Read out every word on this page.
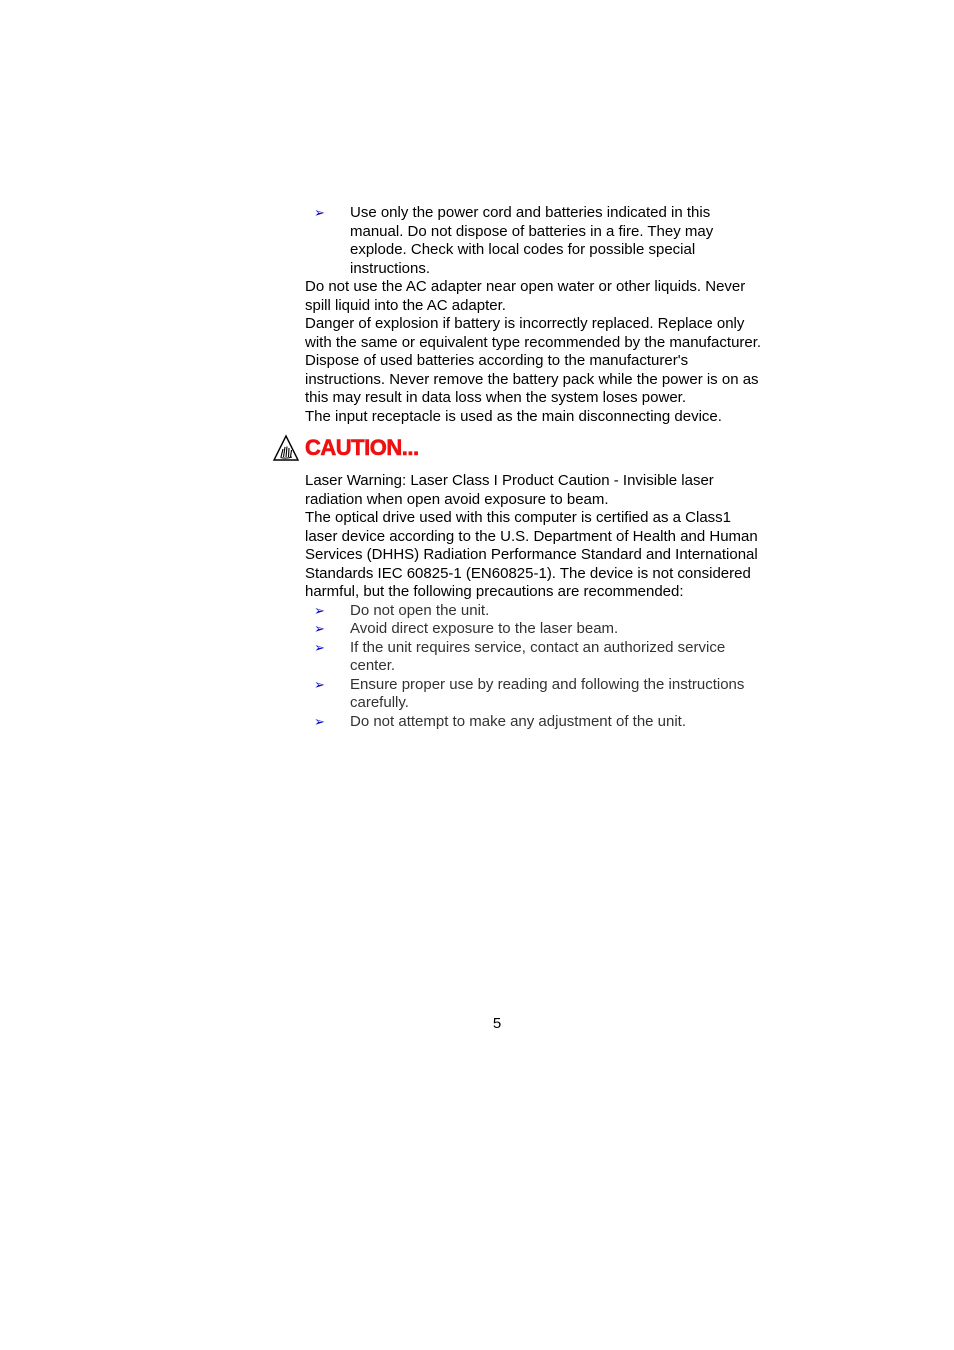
➢	Use only the power cord and batteries indicated in this manual. Do not dispose of batteries in a fire. They may explode. Check with local codes for possible special instructions.
Do not use the AC adapter near open water or other liquids. Never spill liquid into the AC adapter.
Danger of explosion if battery is incorrectly replaced. Replace only with the same or equivalent type recommended by the manufacturer. Dispose of used batteries according to the manufacturer's instructions. Never remove the battery pack while the power is on as this may result in data loss when the system loses power.
The input receptacle is used as the main disconnecting device.
CAUTION...
Laser Warning: Laser Class I Product Caution - Invisible laser radiation when open avoid exposure to beam.
The optical drive used with this computer is certified as a Class1 laser device according to the U.S. Department of Health and Human Services (DHHS) Radiation Performance Standard and International Standards IEC 60825-1 (EN60825-1). The device is not considered harmful, but the following precautions are recommended:
➢	Do not open the unit.
➢	Avoid direct exposure to the laser beam.
➢	If the unit requires service, contact an authorized service center.
➢	Ensure proper use by reading and following the instructions carefully.
➢	Do not attempt to make any adjustment of the unit.
5
